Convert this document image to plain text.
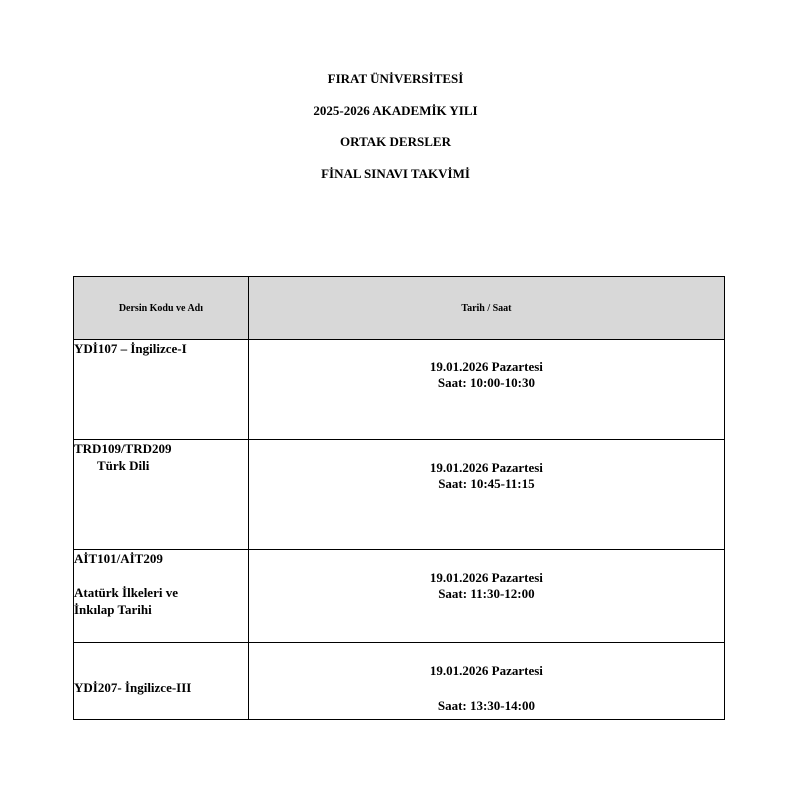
FIRAT ÜNİVERSİTESİ
2025-2026 AKADEMİK YILI
ORTAK DERSLER
FİNAL SINAVI TAKVİMİ
Dersin Kodu ve Adı	Tarih / Saat

YDİ107 – İngilizce-I	19.01.2026 Pazartesi
Saat: 10:00-10:30

TRD109/TRD209
Türk Dili	19.01.2026 Pazartesi
Saat: 10:45-11:15

AİT101/AİT209
Atatürk İlkeleri ve
İnkılap Tarihi	19.01.2026 Pazartesi
Saat: 11:30-12:00

YDİ207- İngilizce-III	19.01.2026 Pazartesi
Saat: 13:30-14:00
